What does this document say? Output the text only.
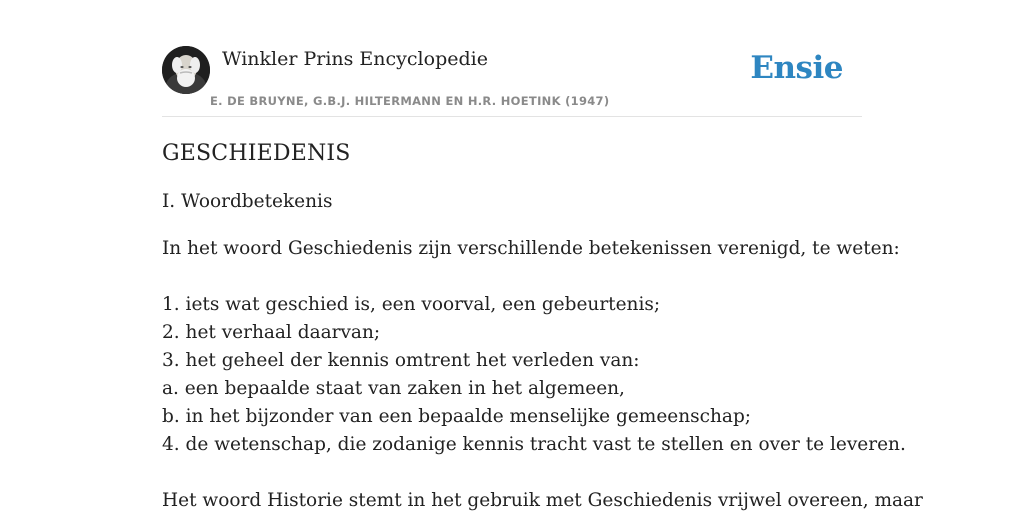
Winkler Prins Encyclopedie
E. DE BRUYNE, G.B.J. HILTERMANN EN H.R. HOETINK (1947)
Ensie
GESCHIEDENIS
I. Woordbetekenis

In het woord Geschiedenis zijn verschillende betekenissen verenigd, te weten:

1. iets wat geschied is, een voorval, een gebeurtenis;
2. het verhaal daarvan;
3. het geheel der kennis omtrent het verleden van:
a. een bepaalde staat van zaken in het algemeen,
b. in het bijzonder van een bepaalde menselijke gemeenschap;
4. de wetenschap, die zodanige kennis tracht vast te stellen en over te leveren.

Het woord Historie stemt in het gebruik met Geschiedenis vrijwel overeen, maar
